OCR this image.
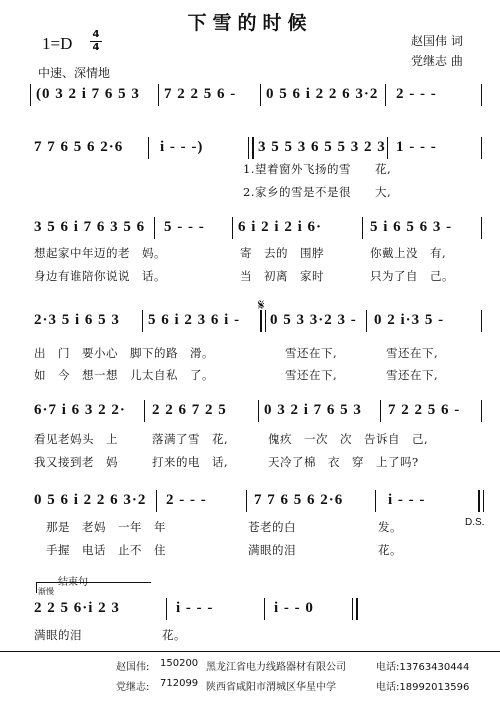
下雪的时候
1=D 4
4
中速、深情地
赵国伟 词
党继志 曲
(0 3 2 i 7 6 5 3 7 2 2 5 6 - 0 5 6 i 2 2 6 3·2 2 - - -
7 7 6 5 6 2·6 i - - -)	3 5 5 3 6 5 5 3 2 3 1 - - -
1.望着窗外飞扬的雪　　花,
2.家乡的雪是不是很　　大,
3 5 6 i 7 6 3 5 6 5 - - - 6 i 2 i 2 i 6·	5 i 6 5 6 3 -
想起家中年迈的老　妈。	寄　去的　围脖	你戴上没　有,
身边有谁陪你说说　话。	当　初离　家时	只为了自　己。
𝄋
2·3 5 i 6 5 3 5 6 i 2 3 6 i - 0 5 3 3·2 3 - 0 2 i·3 5 -
出　门　要小心　脚下的路　滑。	雪还在下,	雪还在下,
如　今　想一想　儿太自私　了。	雪还在下,	雪还在下,
6·7 i 6 3 2 2· 2 2 6 7 2 5 0 3 2 i 7 6 5 3 7 2 2 5 6 -
看见老妈头　上	落满了雪　花,	傀疚　一次　次　告诉自　己,
我又接到老　妈	打来的电　话,	天冷了棉　衣　穿　上了吗?
0 5 6 i 2 2 6 3·2 2 - - -	7 7 6 5 6 2·6	i - - -
那是　老妈　一年　年	苍老的白	发。
手握　电话　止不　住	满眼的泪	花。
D.S.
结束句
渐慢
2 2 5 6·i 2 3	i - - -	i - - 0
满眼的泪	花。
赵国伟: 150200 黑龙江省电力线路器材有限公司	电话:13763430444
党继志: 712099 陕西省咸阳市渭城区华星中学	电话:18992013596
